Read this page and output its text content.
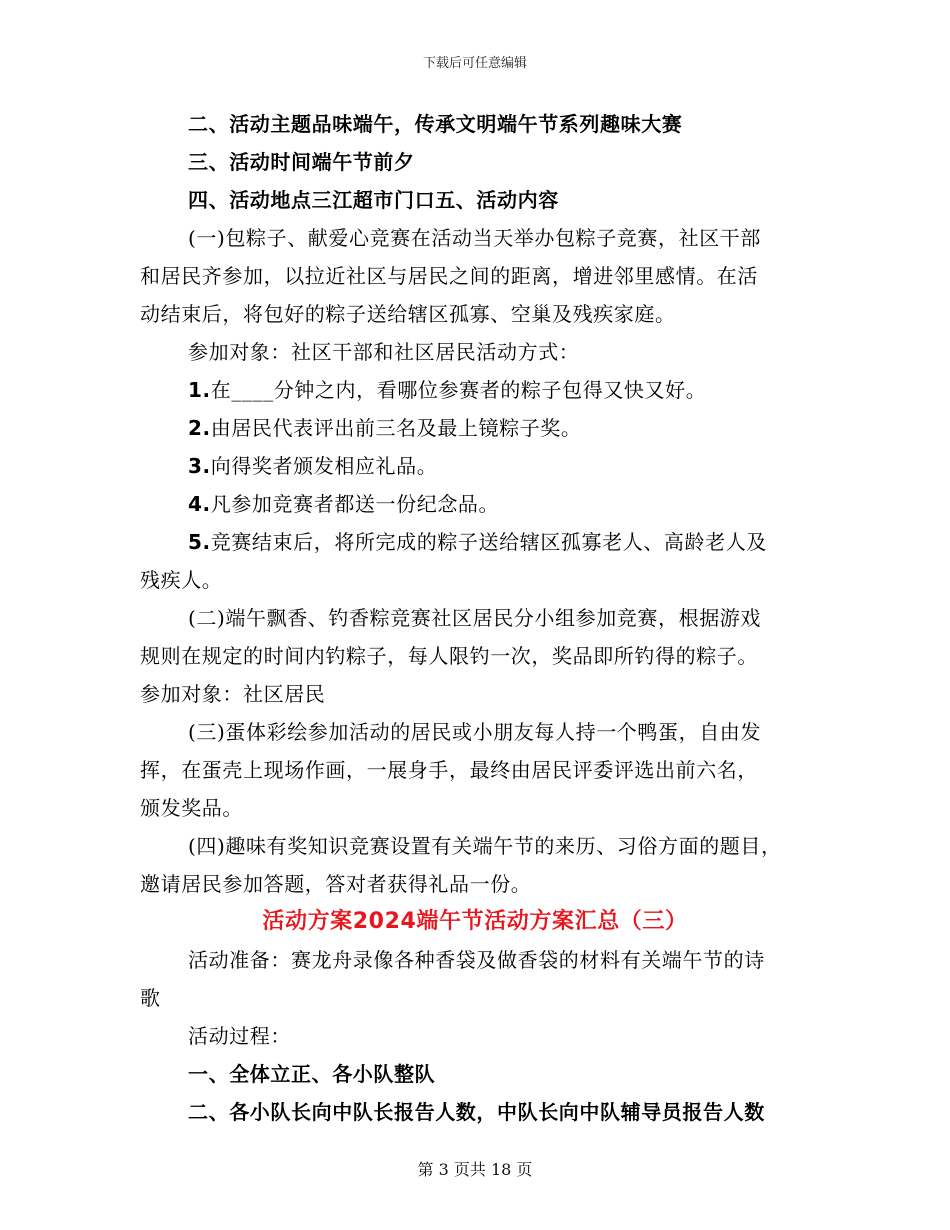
下载后可任意编辑
二、活动主题品味端午，传承文明端午节系列趣味大赛
三、活动时间端午节前夕
四、活动地点三江超市门口五、活动内容
(一)包粽子、献爱心竞赛在活动当天举办包粽子竞赛，社区干部
和居民齐参加，以拉近社区与居民之间的距离，增进邻里感情。在活
动结束后，将包好的粽子送给辖区孤寡、空巢及残疾家庭。
参加对象：社区干部和社区居民活动方式：
1.在____分钟之内，看哪位参赛者的粽子包得又快又好。
2.由居民代表评出前三名及最上镜粽子奖。
3.向得奖者颁发相应礼品。
4.凡参加竞赛者都送一份纪念品。
5.竞赛结束后，将所完成的粽子送给辖区孤寡老人、高龄老人及
残疾人。
(二)端午飘香、钓香粽竞赛社区居民分小组参加竞赛，根据游戏
规则在规定的时间内钓粽子，每人限钓一次，奖品即所钓得的粽子。
参加对象：社区居民
(三)蛋体彩绘参加活动的居民或小朋友每人持一个鸭蛋，自由发
挥，在蛋壳上现场作画，一展身手，最终由居民评委评选出前六名，
颁发奖品。
(四)趣味有奖知识竞赛设置有关端午节的来历、习俗方面的题目，
邀请居民参加答题，答对者获得礼品一份。
活动方案2024端午节活动方案汇总（三）
活动准备：赛龙舟录像各种香袋及做香袋的材料有关端午节的诗
歌
活动过程：
一、全体立正、各小队整队
二、各小队长向中队长报告人数，中队长向中队辅导员报告人数
第 3 页共 18 页
